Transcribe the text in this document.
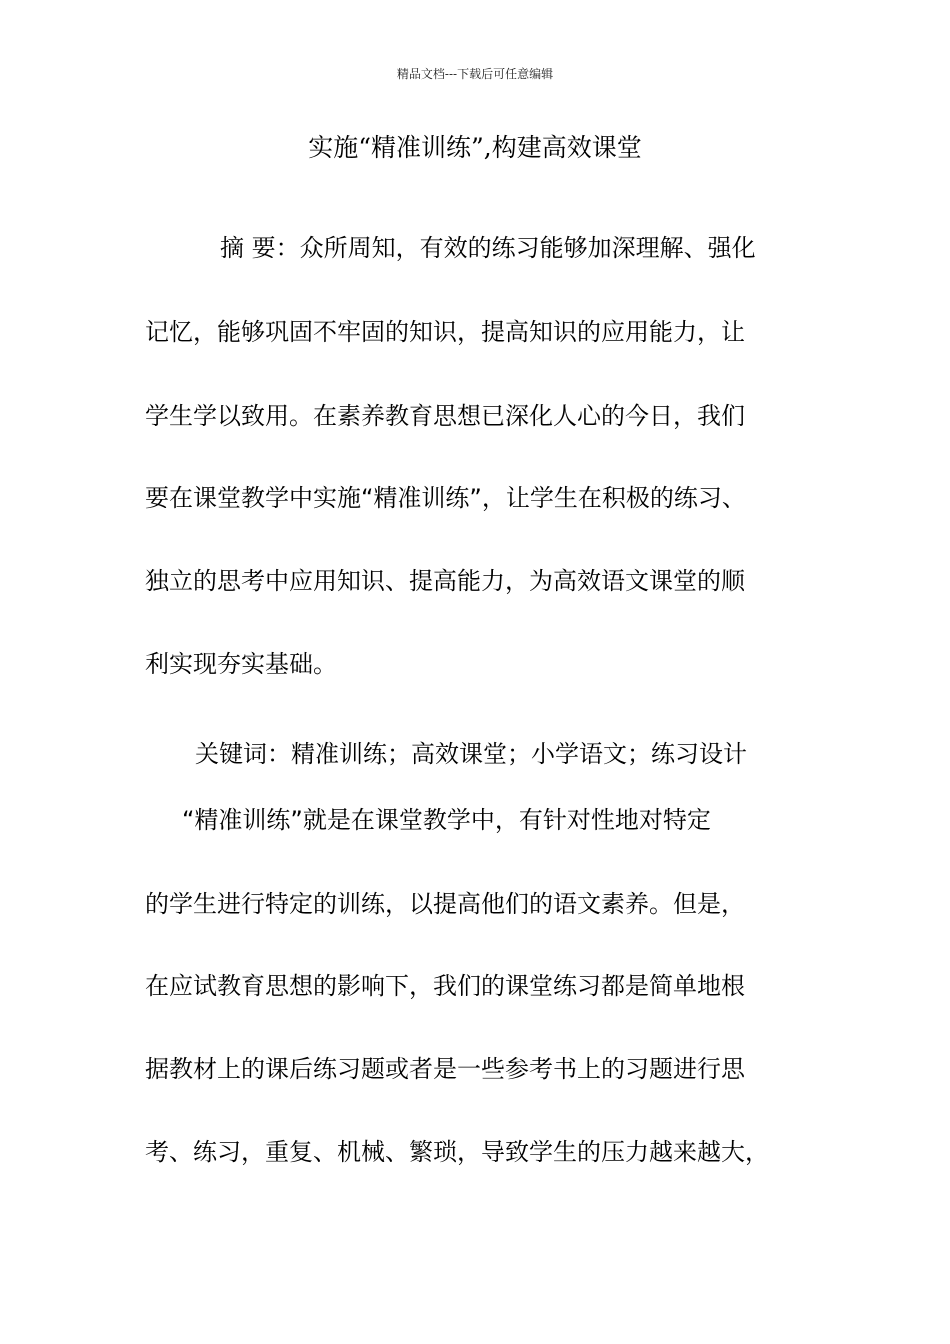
精品文档---下载后可任意编辑
实施“精准训练”,构建高效课堂

摘 要：众所周知，有效的练习能够加深理解、强化

记忆，能够巩固不牢固的知识，提高知识的应用能力，让

学生学以致用。在素养教育思想已深化人心的今日，我们

要在课堂教学中实施“精准训练”，让学生在积极的练习、

独立的思考中应用知识、提高能力，为高效语文课堂的顺

利实现夯实基础。

关键词：精准训练；高效课堂；小学语文；练习设计

“精准训练”就是在课堂教学中，有针对性地对特定

的学生进行特定的训练，以提高他们的语文素养。但是，

在应试教育思想的影响下，我们的课堂练习都是简单地根

据教材上的课后练习题或者是一些参考书上的习题进行思

考、练习，重复、机械、繁琐，导致学生的压力越来越大，
